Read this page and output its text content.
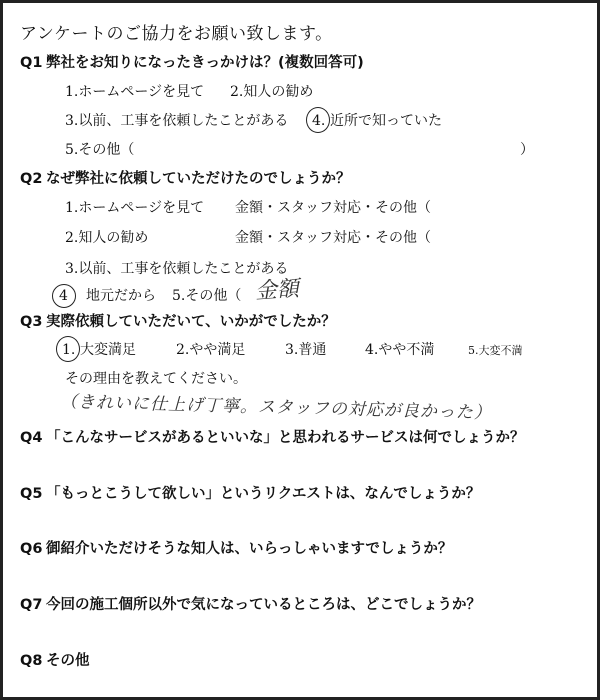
アンケートのご協力をお願い致します。
Q1 弊社をお知りになったきっかけは？(複数回答可)
1.ホームページを見て 2.知人の勧め
3.以前、工事を依頼したことがある 4. 近所で知っていた
5.その他（	）
Q2 なぜ弊社に依頼していただけたのでしょうか？
1.ホームページを見て 金額・スタッフ対応・その他（
2.知人の勧め	金額・スタッフ対応・その他（
3.以前、工事を依頼したことがある
4 地元だから 5.その他（ 金額
Q3 実際依頼していただいて、いかがでしたか？
1. 大変満足	2.やや満足	3.普通	4.やや不満	5.大変不満
その理由を教えてください。
（きれいに仕上げ丁寧。スタッフの対応が良かった）
Q4 「こんなサービスがあるといいな」と思われるサービスは何でしょうか？
Q5 「もっとこうして欲しい」というリクエストは、なんでしょうか？
Q6 御紹介いただけそうな知人は、いらっしゃいますでしょうか？
Q7 今回の施工個所以外で気になっているところは、どこでしょうか？
Q8 その他
